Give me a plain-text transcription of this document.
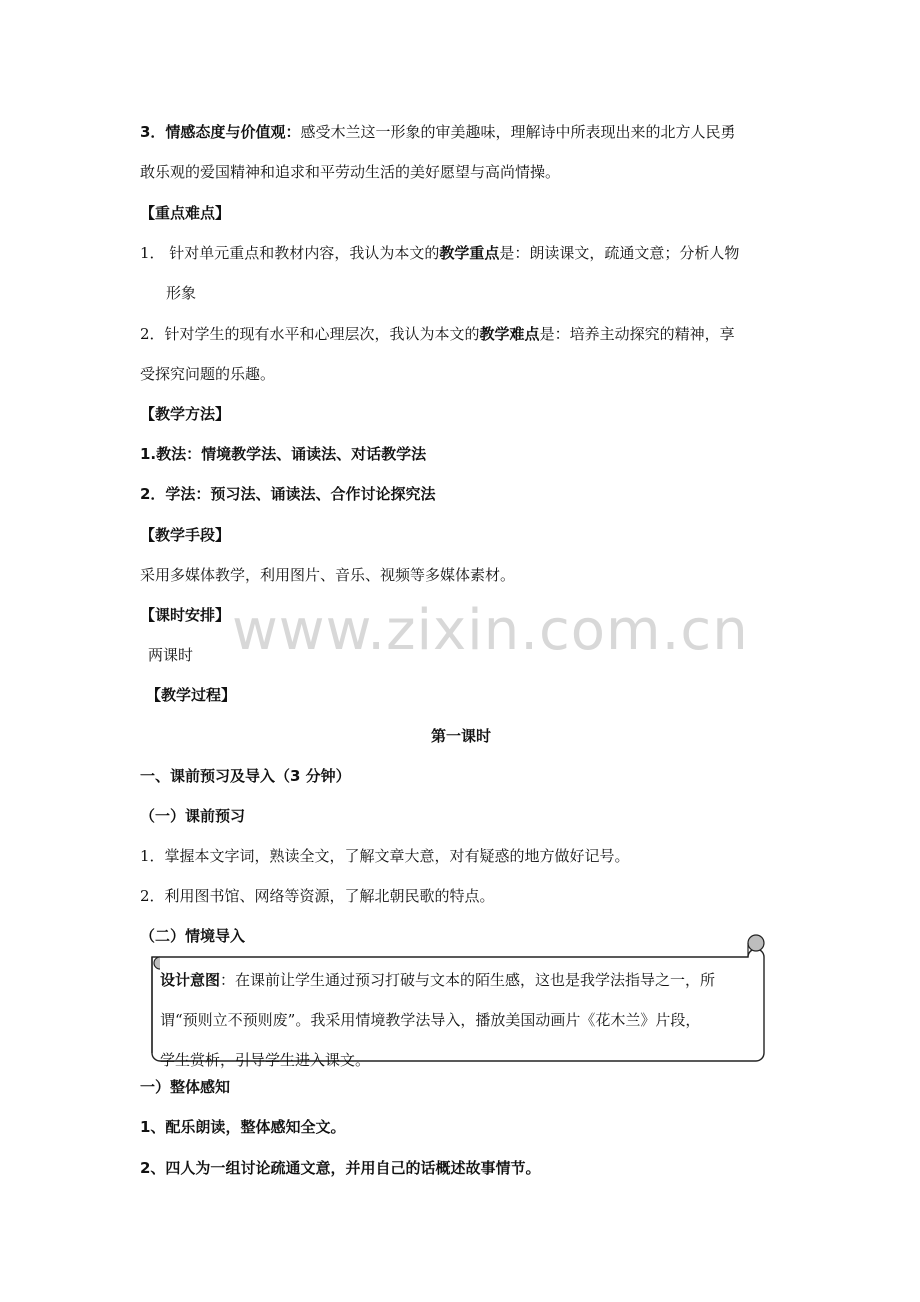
3．情感态度与价值观：感受木兰这一形象的审美趣味，理解诗中所表现出来的北方人民勇
敢乐观的爱国精神和追求和平劳动生活的美好愿望与高尚情操。
【重点难点】
1． 针对单元重点和教材内容，我认为本文的教学重点是：朗读课文，疏通文意；分析人物
形象
2．针对学生的现有水平和心理层次，我认为本文的教学难点是：培养主动探究的精神，享
受探究问题的乐趣。
【教学方法】
1.教法：情境教学法、诵读法、对话教学法
2．学法：预习法、诵读法、合作讨论探究法
【教学手段】
采用多媒体教学，利用图片、音乐、视频等多媒体素材。
【课时安排】
两课时
【教学过程】
第一课时
一、课前预习及导入（3 分钟）
（一）课前预习
1．掌握本文字词，熟读全文，了解文章大意，对有疑惑的地方做好记号。
2．利用图书馆、网络等资源，了解北朝民歌的特点。
（二）情境导入
www.zixin.com.cn
设计意图：在课前让学生通过预习打破与文本的陌生感，这也是我学法指导之一，所
谓“预则立不预则废”。我采用情境教学法导入，播放美国动画片《花木兰》片段，
学生赏析，引导学生进入课文。
一）整体感知
1、配乐朗读，整体感知全文。
2、四人为一组讨论疏通文意，并用自己的话概述故事情节。
